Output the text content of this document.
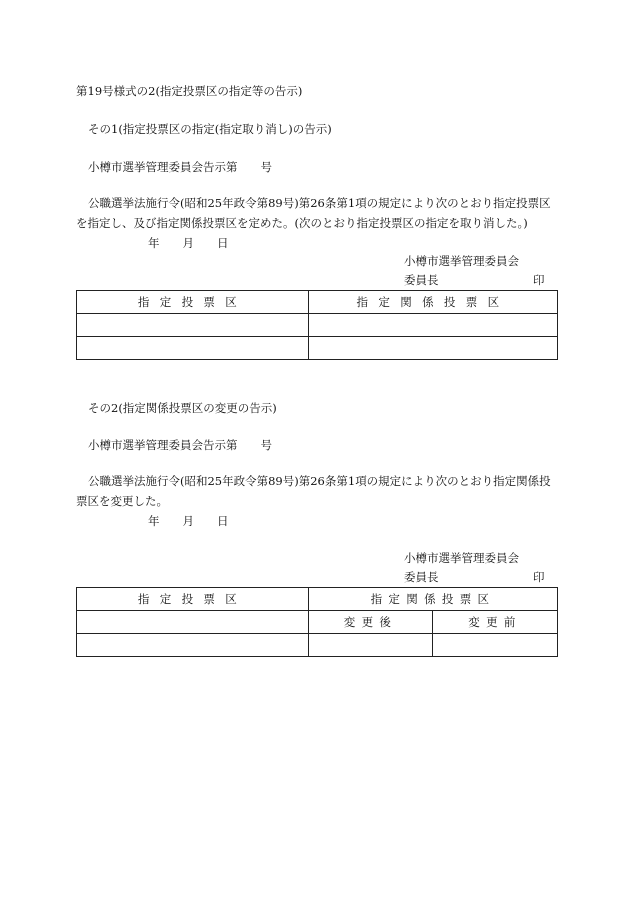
第19号様式の2(指定投票区の指定等の告示)
その1(指定投票区の指定(指定取り消し)の告示)
小樽市選挙管理委員会告示第　　号
公職選挙法施行令(昭和25年政令第89号)第26条第1項の規定により次のとおり指定投票区を指定し、及び指定関係投票区を定めた。(次のとおり指定投票区の指定を取り消した。)
年　　月　　日
小樽市選挙管理委員会
委員長	印
指定投票区	指定関係投票区

その2(指定関係投票区の変更の告示)
小樽市選挙管理委員会告示第　　号
公職選挙法施行令(昭和25年政令第89号)第26条第1項の規定により次のとおり指定関係投票区を変更した。
年　　月　　日
小樽市選挙管理委員会
委員長	印
指定投票区	指定関係投票区	
	変更後	変更前
